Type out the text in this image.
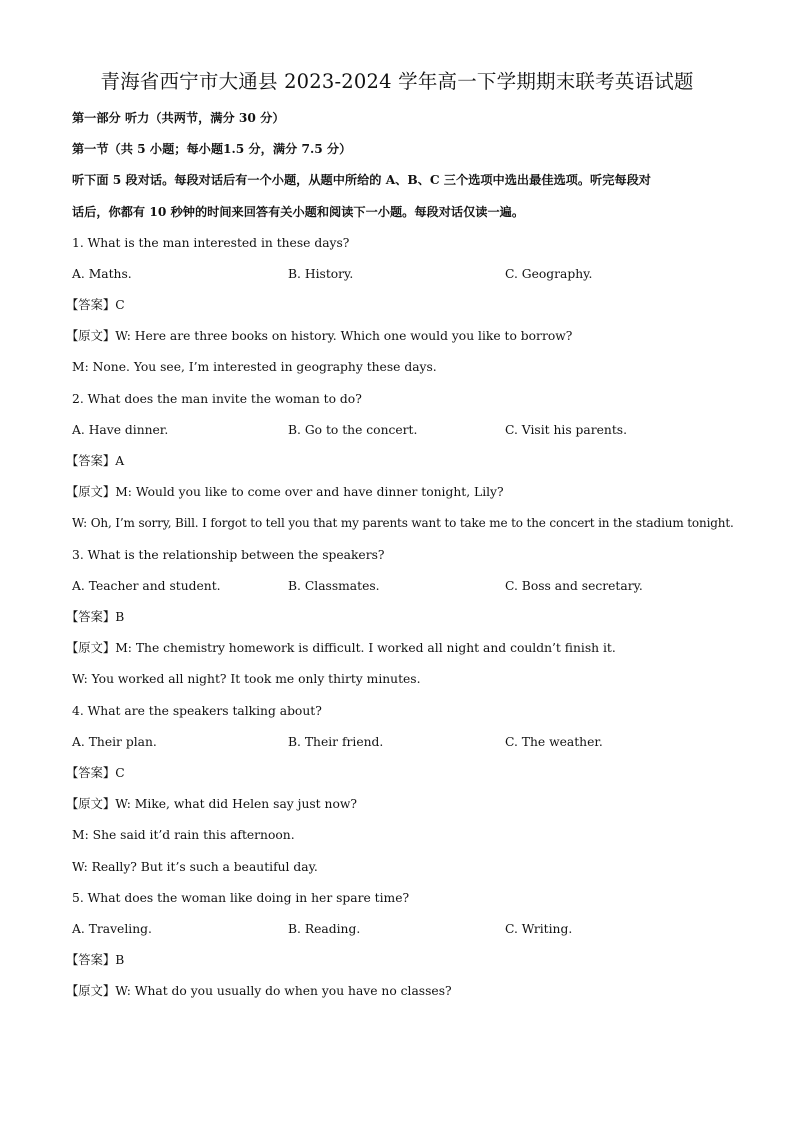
青海省西宁市大通县 2023-2024 学年高一下学期期末联考英语试题
第一部分 听力（共两节，满分 30 分）
第一节（共 5 小题；每小题1.5 分，满分 7.5 分）
听下面 5 段对话。每段对话后有一个小题，从题中所给的 A、B、C 三个选项中选出最佳选项。听完每段对
话后，你都有 10 秒钟的时间来回答有关小题和阅读下一小题。每段对话仅读一遍。
1. What is the man interested in these days?
A. Maths.	B. History.	C. Geography.
【答案】C
【原文】W: Here are three books on history. Which one would you like to borrow?
M: None. You see, I’m interested in geography these days.
2. What does the man invite the woman to do?
A. Have dinner.	B. Go to the concert.	C. Visit his parents.
【答案】A
【原文】M: Would you like to come over and have dinner tonight, Lily?
W: Oh, I’m sorry, Bill. I forgot to tell you that my parents want to take me to the concert in the stadium tonight.
3. What is the relationship between the speakers?
A. Teacher and student.	B. Classmates.	C. Boss and secretary.
【答案】B
【原文】M: The chemistry homework is difficult. I worked all night and couldn’t finish it.
W: You worked all night? It took me only thirty minutes.
4. What are the speakers talking about?
A. Their plan.	B. Their friend.	C. The weather.
【答案】C
【原文】W: Mike, what did Helen say just now?
M: She said it’d rain this afternoon.
W: Really? But it’s such a beautiful day.
5. What does the woman like doing in her spare time?
A. Traveling.	B. Reading.	C. Writing.
【答案】B
【原文】W: What do you usually do when you have no classes?
